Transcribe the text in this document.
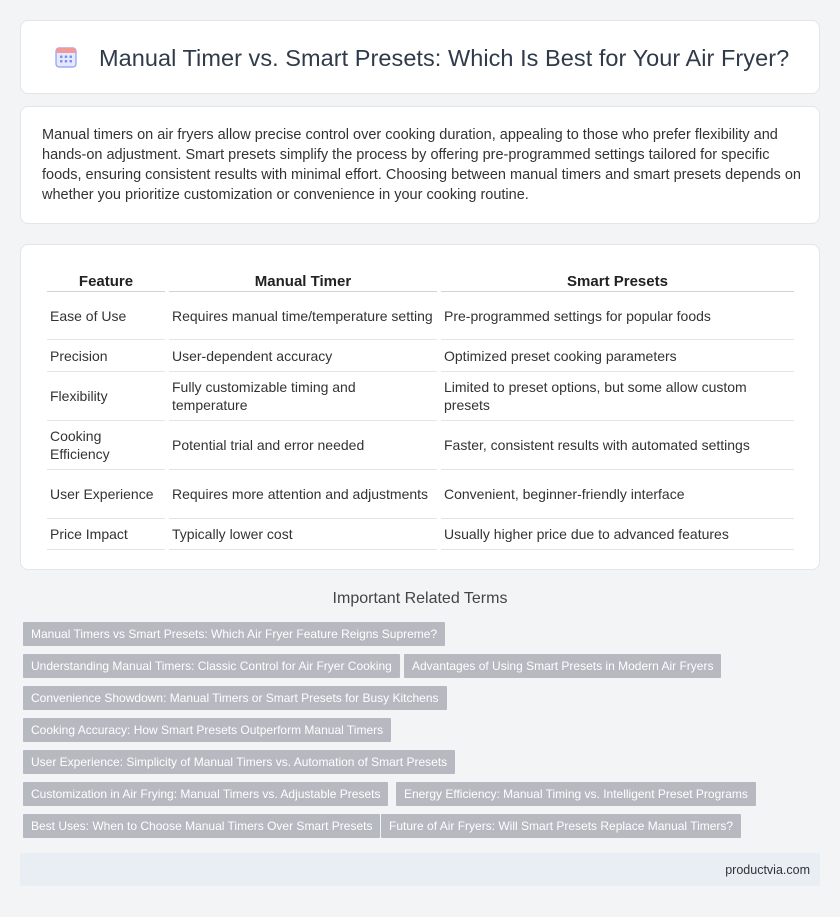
Manual Timer vs. Smart Presets: Which Is Best for Your Air Fryer?

Manual timers on air fryers allow precise control over cooking duration, appealing to those who prefer flexibility and hands-on adjustment. Smart presets simplify the process by offering pre-programmed settings tailored for specific foods, ensuring consistent results with minimal effort. Choosing between manual timers and smart presets depends on whether you prioritize customization or convenience in your cooking routine.

Feature	Manual Timer	Smart Presets
Ease of Use	Requires manual time/temperature setting	Pre-programmed settings for popular foods
Precision	User-dependent accuracy	Optimized preset cooking parameters
Flexibility	Fully customizable timing and temperature	Limited to preset options, but some allow custom presets
Cooking Efficiency	Potential trial and error needed	Faster, consistent results with automated settings
User Experience	Requires more attention and adjustments	Convenient, beginner-friendly interface
Price Impact	Typically lower cost	Usually higher price due to advanced features
Important Related Terms
Manual Timers vs Smart Presets: Which Air Fryer Feature Reigns Supreme?
Understanding Manual Timers: Classic Control for Air Fryer Cooking	Advantages of Using Smart Presets in Modern Air Fryers
Convenience Showdown: Manual Timers or Smart Presets for Busy Kitchens
Cooking Accuracy: How Smart Presets Outperform Manual Timers
User Experience: Simplicity of Manual Timers vs. Automation of Smart Presets
Customization in Air Frying: Manual Timers vs. Adjustable Presets	Energy Efficiency: Manual Timing vs. Intelligent Preset Programs
Best Uses: When to Choose Manual Timers Over Smart Presets	Future of Air Fryers: Will Smart Presets Replace Manual Timers?
productvia.com
